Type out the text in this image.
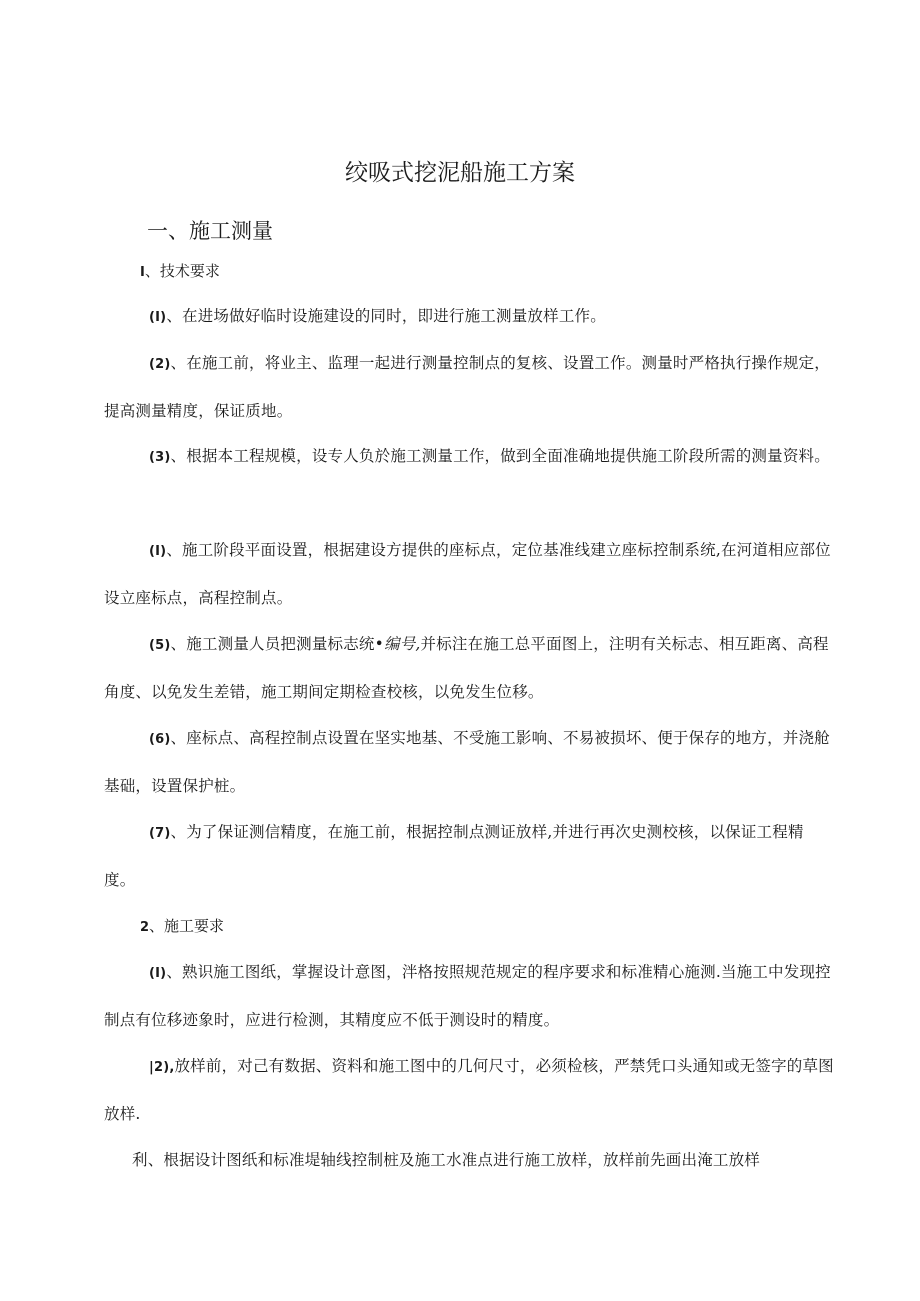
绞吸式挖泥船施工方案
一、施工测量
I、技术要求

(I)、在进场做好临时设施建设的同时，即进行施工测量放样工作。

(2)、在施工前，将业主、监理一起进行测量控制点的复核、设置工作。测量时严格执行操作规定，提高测量精度，保证质地。

(3)、根据本工程规模，设专人负於施工测量工作，做到全面准确地提供施工阶段所需的测量资料。

(I)、施工阶段平面设置，根据建设方提供的座标点，定位基准线建立座标控制系统,在河道相应部位设立座标点，高程控制点。

(5)、施工测量人员把测量标志统•编号,并标注在施工总平面图上，注明有关标志、相互距离、高程角度、以免发生差错，施工期间定期检查校核，以免发生位移。

(6)、座标点、高程控制点设置在坚实地基、不受施工影响、不易被损坏、便于保存的地方，并浇舱基础，设置保护桩。

(7)、为了保证测信精度，在施工前，根据控制点测证放样,并进行再次史测校核，以保证工程精度。

2、施工要求

(I)、熟识施工图纸，掌握设计意图，泮格按照规范规定的程序要求和标准精心施测.当施工中发现控制点有位移迹象时，应进行检测，其精度应不低于测设时的精度。

|2),放样前，对己有数据、资料和施工图中的几何尺寸，必须检核，严禁凭口头通知或无签字的草图放样.

利、根据设计图纸和标准堤轴线控制桩及施工水准点进行施工放样，放样前先画出淹工放样
